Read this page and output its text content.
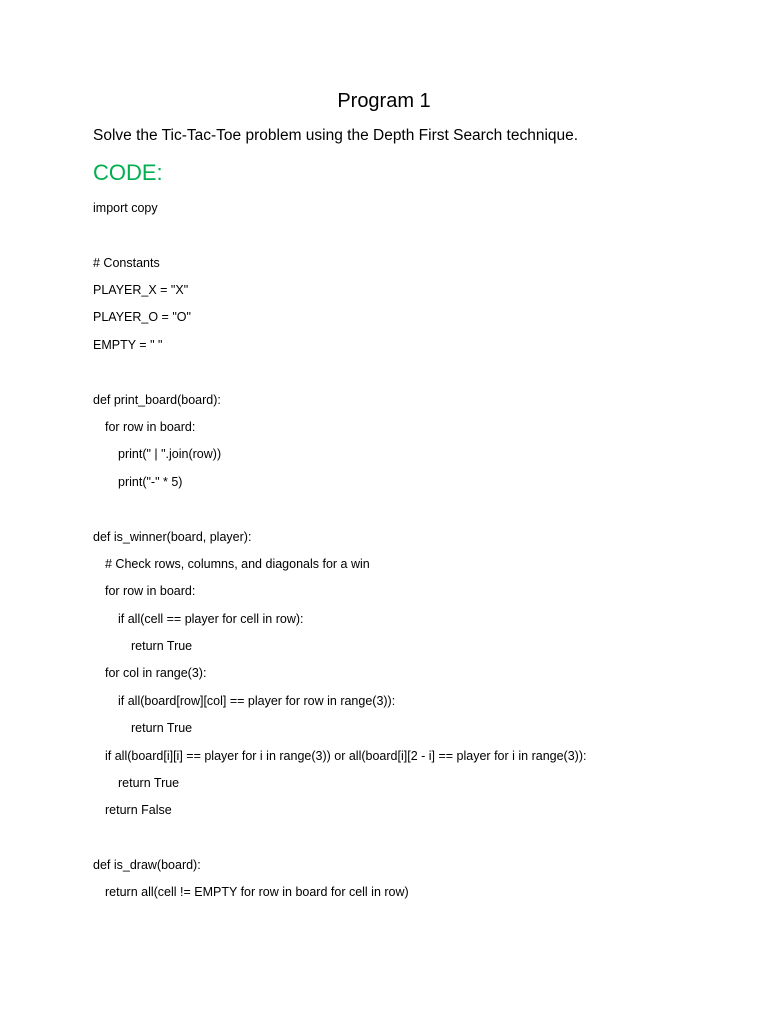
Program 1

Solve the Tic-Tac-Toe problem using the Depth First Search technique.

CODE:
import copy
# Constants
PLAYER_X = "X"
PLAYER_O = "O"
EMPTY = " "
def print_board(board):
for row in board:
print(" | ".join(row))
print("-" * 5)
def is_winner(board, player):
# Check rows, columns, and diagonals for a win
for row in board:
if all(cell == player for cell in row):
return True
for col in range(3):
if all(board[row][col] == player for row in range(3)):
return True
if all(board[i][i] == player for i in range(3)) or all(board[i][2 - i] == player for i in range(3)):
return True
return False
def is_draw(board):
return all(cell != EMPTY for row in board for cell in row)
